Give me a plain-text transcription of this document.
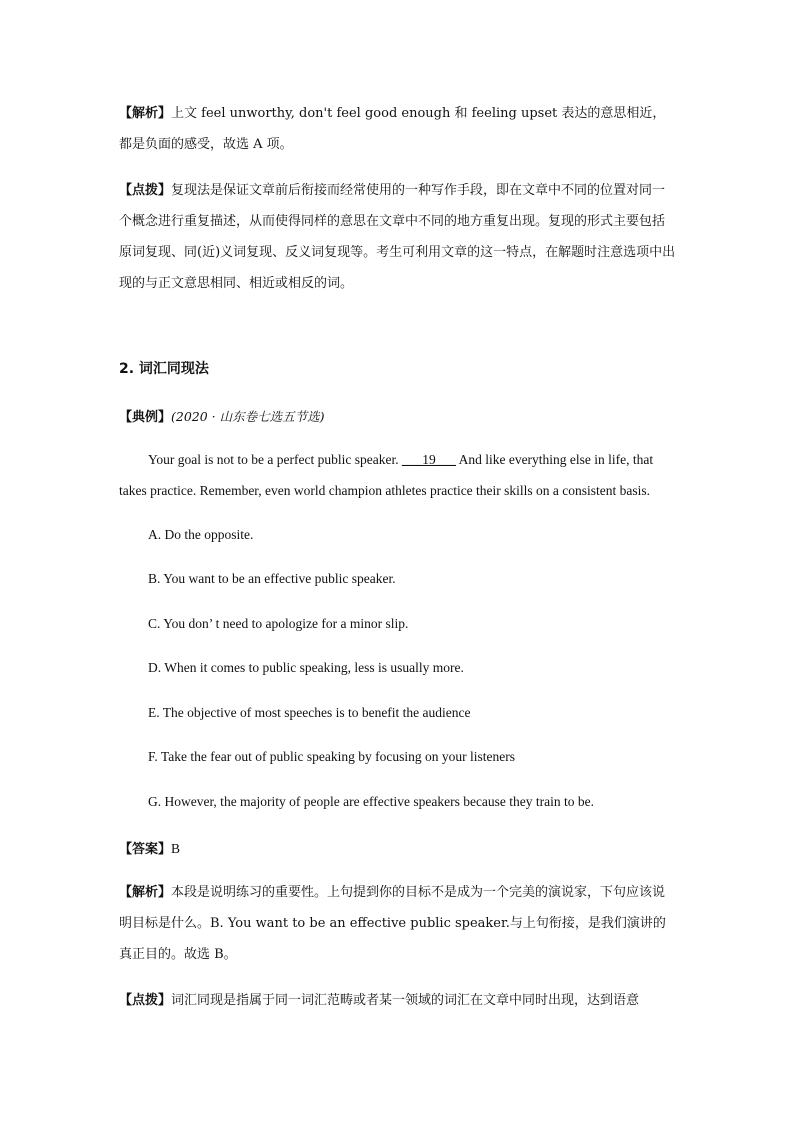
【解析】上文 feel unworthy, don't feel good enough 和 feeling upset 表达的意思相近，都是负面的感受，故选 A 项。
【点拨】复现法是保证文章前后衔接而经常使用的一种写作手段，即在文章中不同的位置对同一个概念进行重复描述，从而使得同样的意思在文章中不同的地方重复出现。复现的形式主要包括原词复现、同(近)义词复现、反义词复现等。考生可利用文章的这一特点，在解题时注意选项中出现的与正文意思相同、相近或相反的词。
2. 词汇同现法
【典例】(2020 · 山东卷七选五节选)
Your goal is not to be a perfect public speaker. ___19___ And like everything else in life, that takes practice. Remember, even world champion athletes practice their skills on a consistent basis.
A. Do the opposite.
B. You want to be an effective public speaker.
C. You don’ t need to apologize for a minor slip.
D. When it comes to public speaking, less is usually more.
E. The objective of most speeches is to benefit the audience
F. Take the fear out of public speaking by focusing on your listeners
G. However, the majority of people are effective speakers because they train to be.
【答案】B
【解析】本段是说明练习的重要性。上句提到你的目标不是成为一个完美的演说家，下句应该说明目标是什么。B. You want to be an effective public speaker.与上句衔接，是我们演讲的真正目的。故选 B。
【点拨】词汇同现是指属于同一词汇范畴或者某一领域的词汇在文章中同时出现，达到语意
